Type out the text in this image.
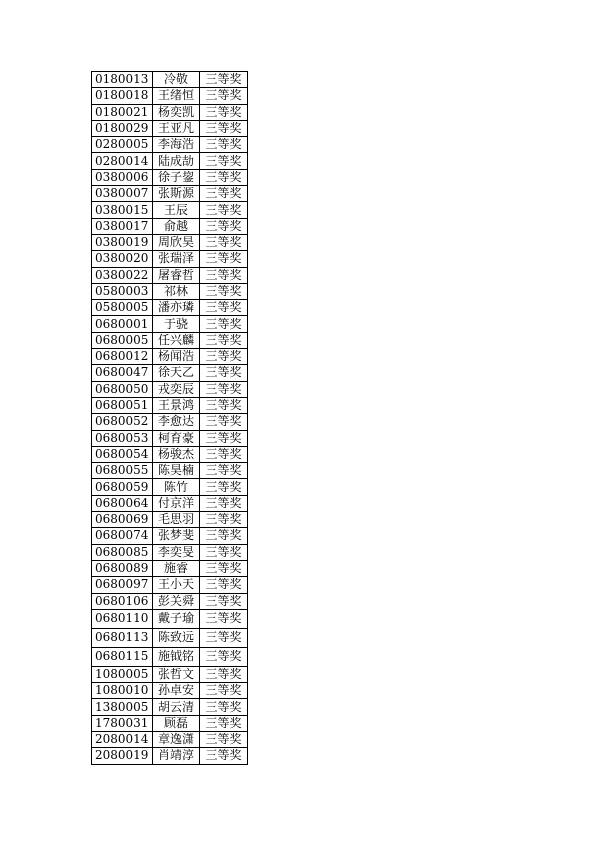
0180013	冷敬	三等奖
0180018	王绪恒	三等奖
0180021	杨奕凯	三等奖
0180029	王亚凡	三等奖
0280005	李海浩	三等奖
0280014	陆成劼	三等奖
0380006	徐子鋆	三等奖
0380007	张斯源	三等奖
0380015	王辰	三等奖
0380017	俞越	三等奖
0380019	周欣昊	三等奖
0380020	张瑞泽	三等奖
0380022	屠睿哲	三等奖
0580003	祁林	三等奖
0580005	潘亦璘	三等奖
0680001	于骁	三等奖
0680005	任兴麟	三等奖
0680012	杨闻浩	三等奖
0680047	徐天乙	三等奖
0680050	戎奕辰	三等奖
0680051	王景鸿	三等奖
0680052	李愈达	三等奖
0680053	柯育豪	三等奖
0680054	杨骏杰	三等奖
0680055	陈昊楠	三等奖
0680059	陈竹	三等奖
0680064	付京洋	三等奖
0680069	毛思羽	三等奖
0680074	张梦斐	三等奖
0680085	李奕旻	三等奖
0680089	施睿	三等奖
0680097	王小天	三等奖
0680106	彭关舜	三等奖
0680110	戴子瑜	三等奖
0680113	陈致远	三等奖
0680115	施钺铭	三等奖
1080005	张哲文	三等奖
1080010	孙卓安	三等奖
1380005	胡云清	三等奖
1780031	顾磊	三等奖
2080014	章逸潇	三等奖
2080019	肖靖淳	三等奖
